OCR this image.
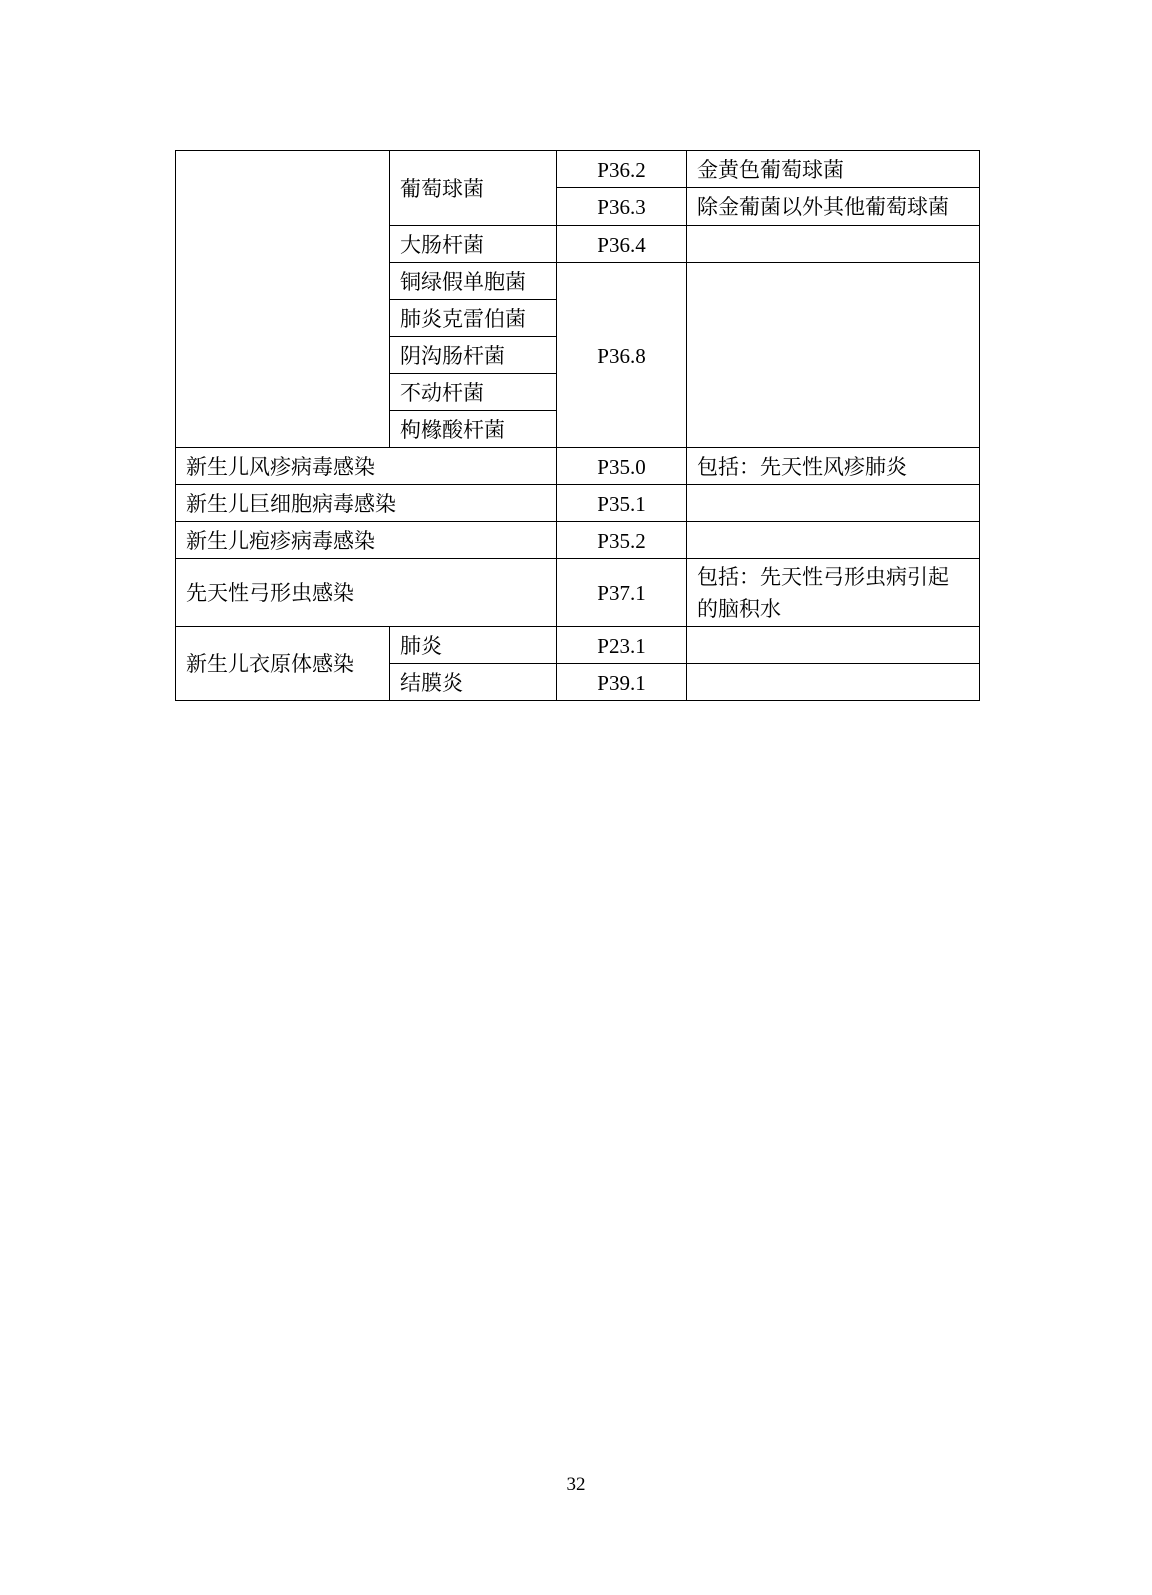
	葡萄球菌	P36.2	金黄色葡萄球菌
		P36.3	除金葡菌以外其他葡萄球菌
	大肠杆菌	P36.4	
	铜绿假单胞菌	P36.8	
	肺炎克雷伯菌		
	阴沟肠杆菌		
	不动杆菌		
	枸橼酸杆菌		
新生儿风疹病毒感染		P35.0	包括：先天性风疹肺炎
新生儿巨细胞病毒感染		P35.1	
新生儿疱疹病毒感染		P35.2	
先天性弓形虫感染		P37.1	包括：先天性弓形虫病引起的脑积水
新生儿衣原体感染	肺炎	P23.1	
	结膜炎	P39.1	
32
